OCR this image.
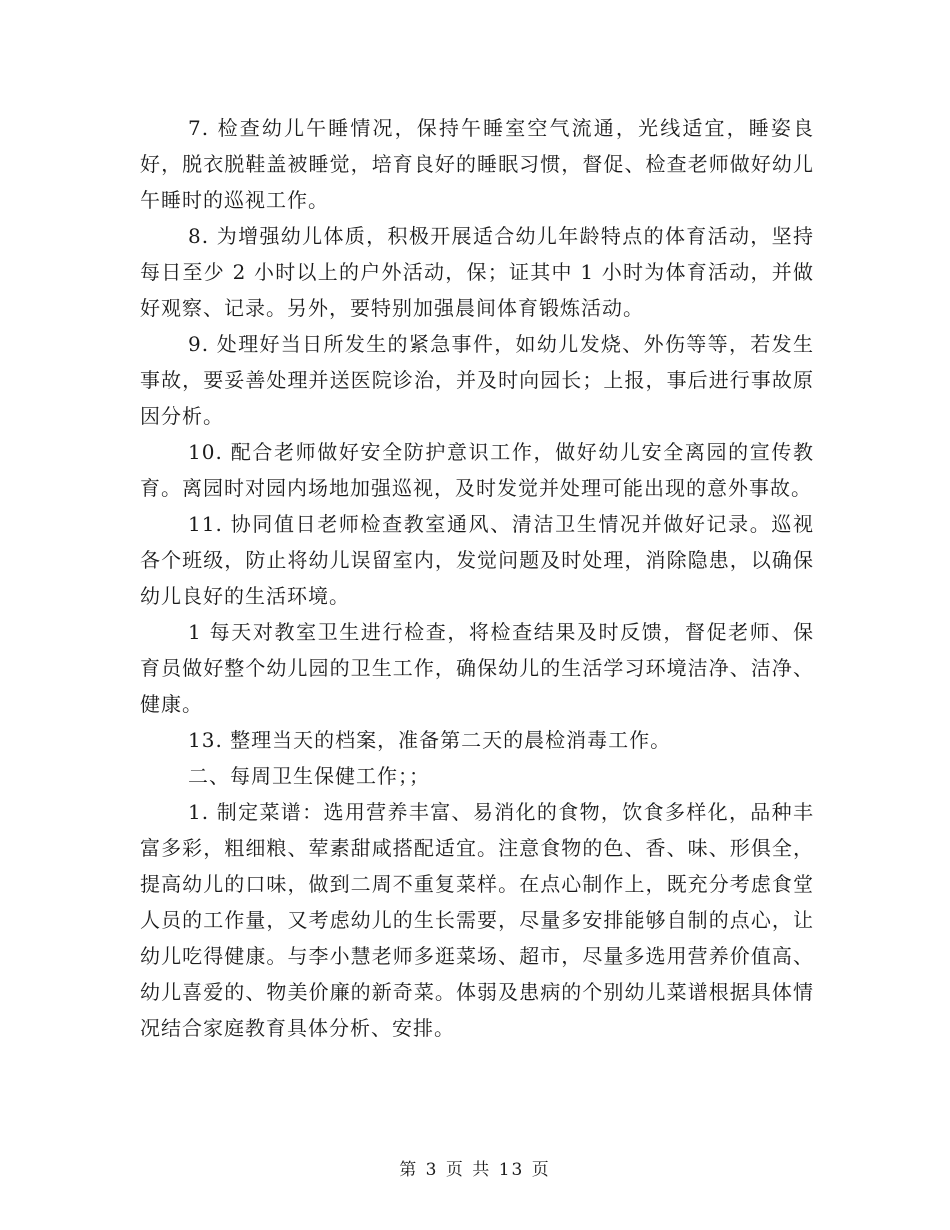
7. 检查幼儿午睡情况，保持午睡室空气流通，光线适宜，睡姿良好，脱衣脱鞋盖被睡觉，培育良好的睡眠习惯，督促、检查老师做好幼儿午睡时的巡视工作。

8. 为增强幼儿体质，积极开展适合幼儿年龄特点的体育活动，坚持每日至少 2 小时以上的户外活动，保；证其中 1 小时为体育活动，并做好观察、记录。另外，要特别加强晨间体育锻炼活动。

9. 处理好当日所发生的紧急事件，如幼儿发烧、外伤等等，若发生事故，要妥善处理并送医院诊治，并及时向园长；上报，事后进行事故原因分析。

10. 配合老师做好安全防护意识工作，做好幼儿安全离园的宣传教育。离园时对园内场地加强巡视，及时发觉并处理可能出现的意外事故。

11. 协同值日老师检查教室通风、清洁卫生情况并做好记录。巡视各个班级，防止将幼儿误留室内，发觉问题及时处理，消除隐患，以确保幼儿良好的生活环境。

1 每天对教室卫生进行检查，将检查结果及时反馈，督促老师、保育员做好整个幼儿园的卫生工作，确保幼儿的生活学习环境洁净、洁净、健康。

13. 整理当天的档案，准备第二天的晨检消毒工作。

二、每周卫生保健工作；；

1. 制定菜谱：选用营养丰富、易消化的食物，饮食多样化，品种丰富多彩，粗细粮、荤素甜咸搭配适宜。注意食物的色、香、味、形俱全，提高幼儿的口味，做到二周不重复菜样。在点心制作上，既充分考虑食堂人员的工作量，又考虑幼儿的生长需要，尽量多安排能够自制的点心，让幼儿吃得健康。与李小慧老师多逛菜场、超市，尽量多选用营养价值高、幼儿喜爱的、物美价廉的新奇菜。体弱及患病的个别幼儿菜谱根据具体情况结合家庭教育具体分析、安排。

第 3 页 共 13 页
